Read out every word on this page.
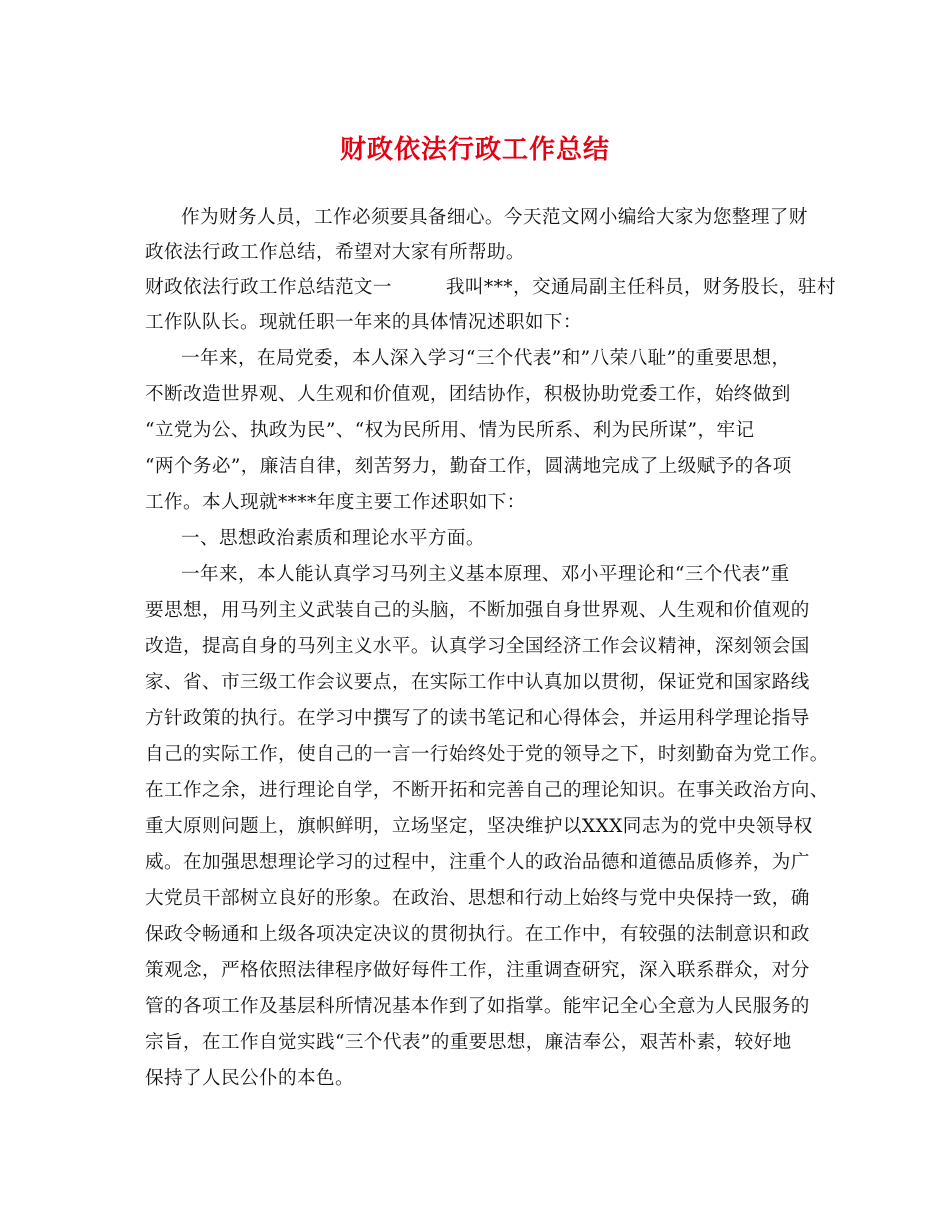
财政依法行政工作总结
作为财务人员，工作必须要具备细心。今天范文网小编给大家为您整理了财
政依法行政工作总结，希望对大家有所帮助。
财政依法行政工作总结范文一	我叫***，交通局副主任科员，财务股长，驻村
工作队队长。现就任职一年来的具体情况述职如下：
一年来，在局党委，本人深入学习“三个代表”和”八荣八耻”的重要思想，
不断改造世界观、人生观和价值观，团结协作，积极协助党委工作，始终做到
“立党为公、执政为民”、“权为民所用、情为民所系、利为民所谋”，牢记
“两个务必”，廉洁自律，刻苦努力，勤奋工作，圆满地完成了上级赋予的各项
工作。本人现就****年度主要工作述职如下：
一、思想政治素质和理论水平方面。
一年来，本人能认真学习马列主义基本原理、邓小平理论和“三个代表”重
要思想，用马列主义武装自己的头脑，不断加强自身世界观、人生观和价值观的
改造，提高自身的马列主义水平。认真学习全国经济工作会议精神，深刻领会国
家、省、市三级工作会议要点，在实际工作中认真加以贯彻，保证党和国家路线
方针政策的执行。在学习中撰写了的读书笔记和心得体会，并运用科学理论指导
自己的实际工作，使自己的一言一行始终处于党的领导之下，时刻勤奋为党工作。
在工作之余，进行理论自学，不断开拓和完善自己的理论知识。在事关政治方向、
重大原则问题上，旗帜鲜明，立场坚定，坚决维护以XXX同志为的党中央领导权
威。在加强思想理论学习的过程中，注重个人的政治品德和道德品质修养，为广
大党员干部树立良好的形象。在政治、思想和行动上始终与党中央保持一致，确
保政令畅通和上级各项决定决议的贯彻执行。在工作中，有较强的法制意识和政
策观念，严格依照法律程序做好每件工作，注重调查研究，深入联系群众，对分
管的各项工作及基层科所情况基本作到了如指掌。能牢记全心全意为人民服务的
宗旨，在工作自觉实践“三个代表”的重要思想，廉洁奉公，艰苦朴素，较好地
保持了人民公仆的本色。
